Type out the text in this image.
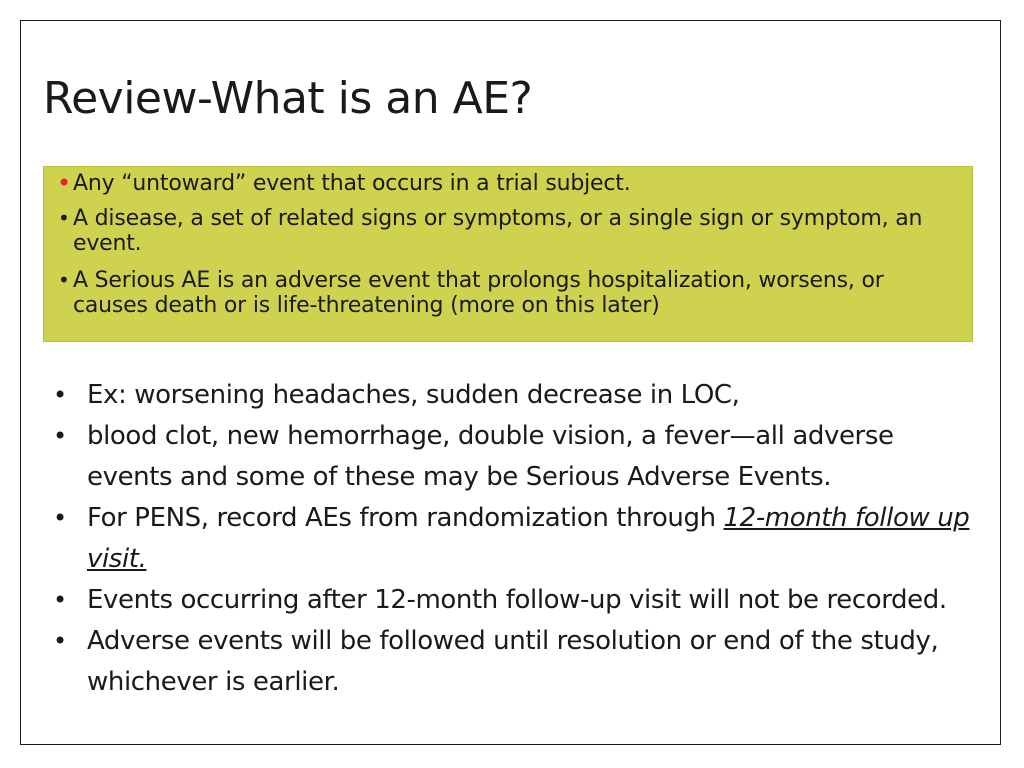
Review-What is an AE?
• Any “untoward” event that occurs in a trial subject.
• A disease, a set of related signs or symptoms, or a single sign or symptom, an event.
• A Serious AE is an adverse event that prolongs hospitalization, worsens, or causes death or is life-threatening (more on this later)
• Ex: worsening headaches, sudden decrease in LOC,
• blood clot, new hemorrhage, double vision, a fever—all adverse events and some of these may be Serious Adverse Events.
• For PENS, record AEs from randomization through 12-month follow up visit.
• Events occurring after 12-month follow-up visit will not be recorded.
• Adverse events will be followed until resolution or end of the study, whichever is earlier.
